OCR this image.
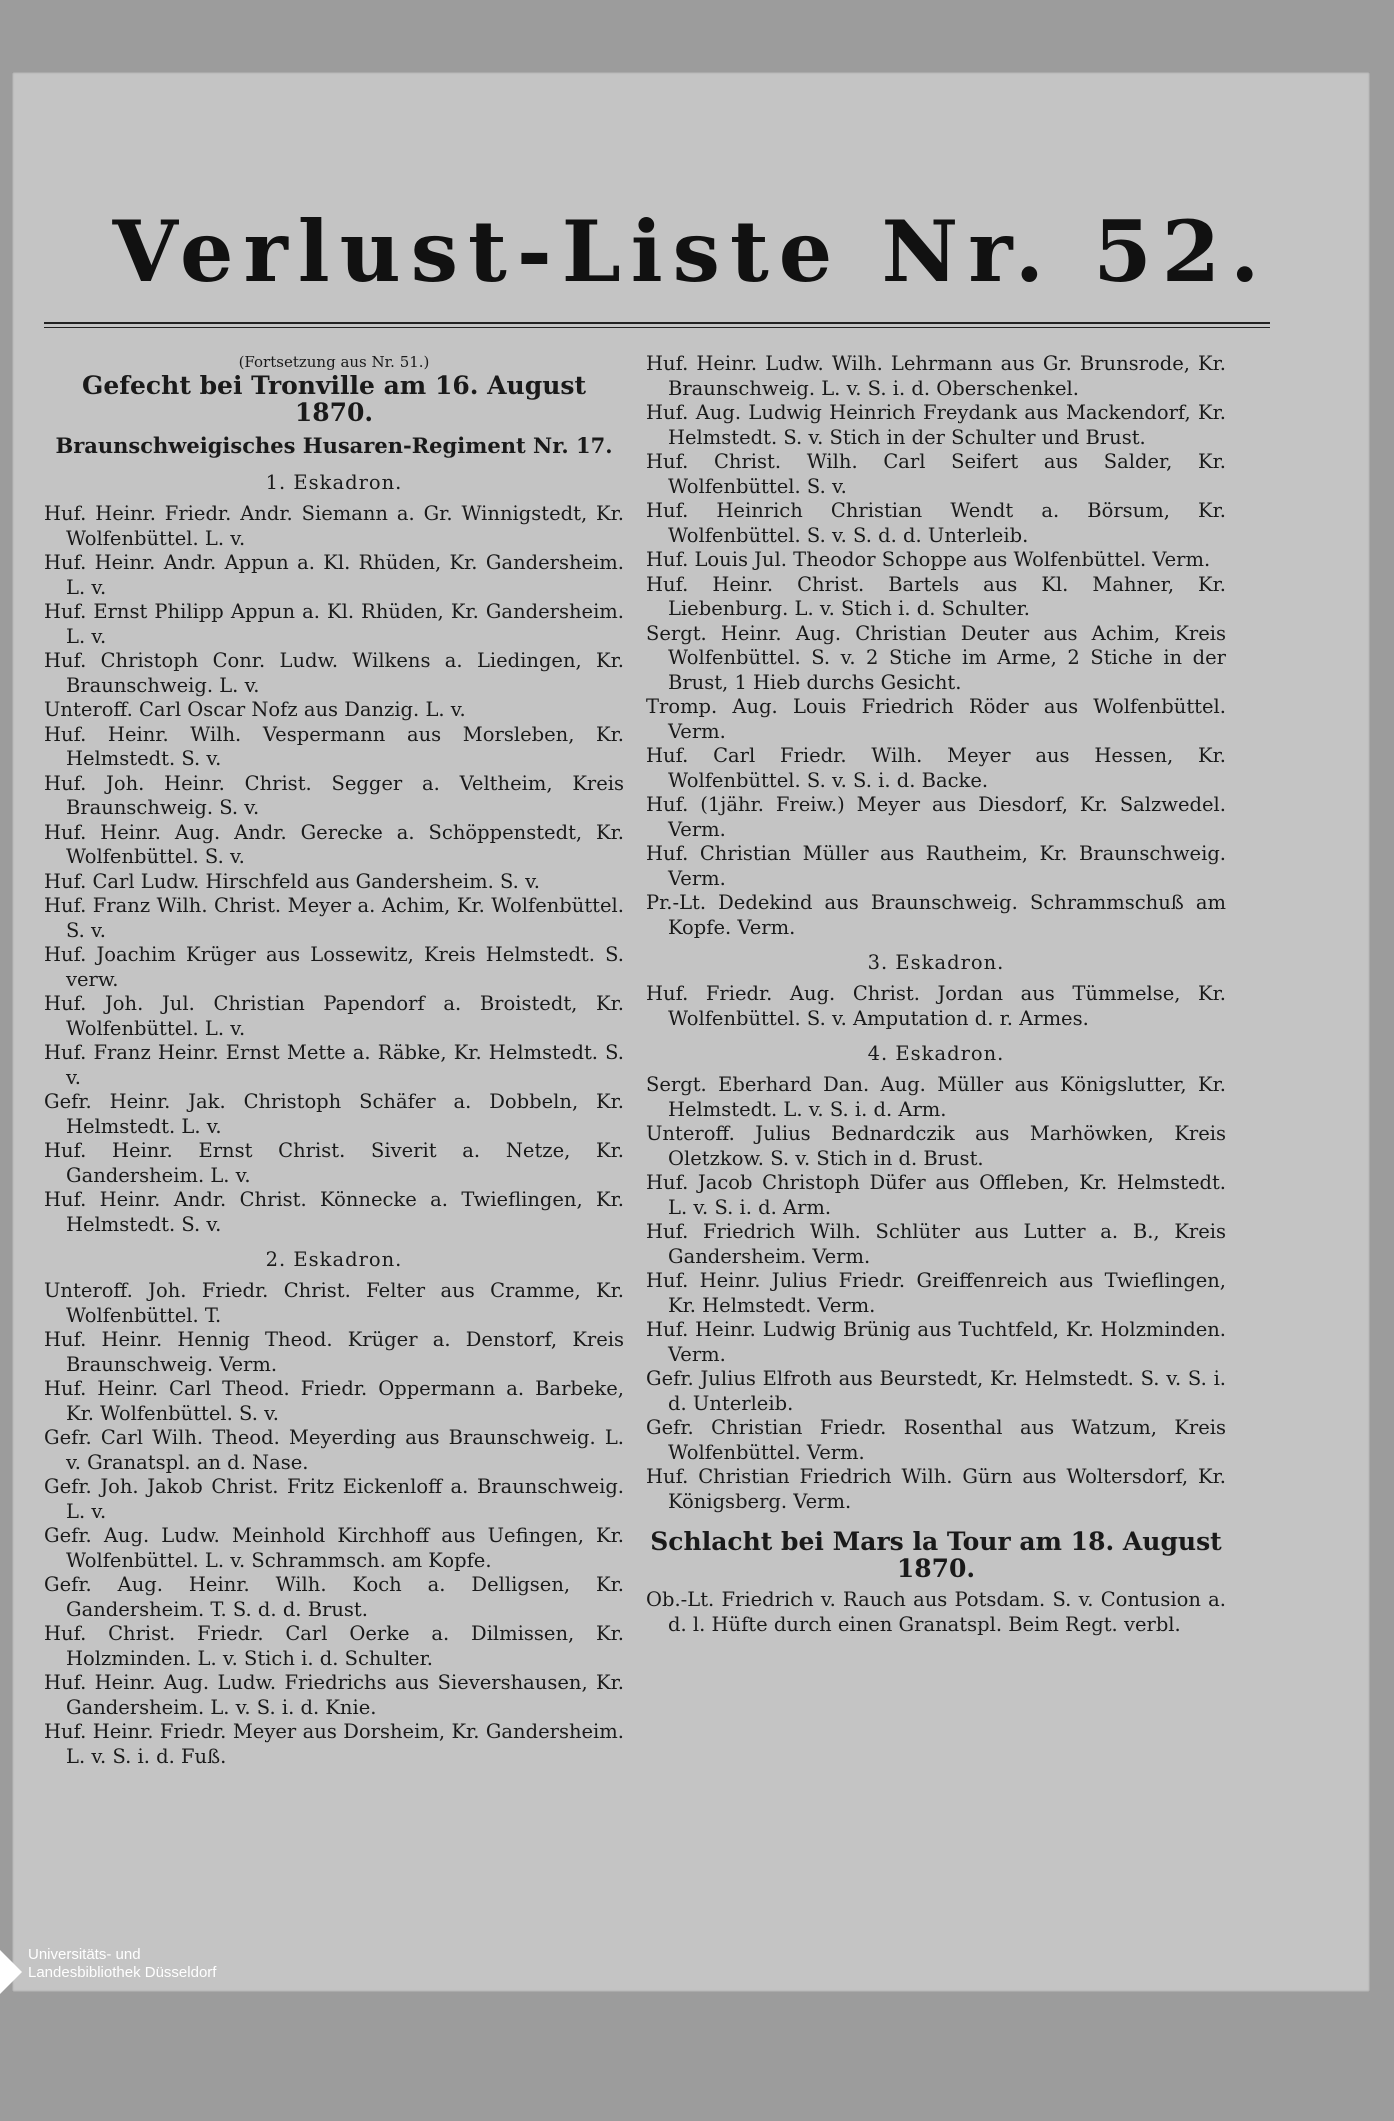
Verlust-Liste Nr. 52.
(Fortsetzung aus Nr. 51.)
Gefecht bei Tronville am 16. August 1870.
Braunschweigisches Husaren-Regiment Nr. 17.
1. Eskadron.
Huf. Heinr. Friedr. Andr. Siemann a. Gr. Winnigstedt, Kr. Wolfenbüttel. L. v.
Huf. Heinr. Andr. Appun a. Kl. Rhüden, Kr. Gandersheim. L. v.
Huf. Ernst Philipp Appun a. Kl. Rhüden, Kr. Gandersheim. L. v.
Huf. Christoph Conr. Ludw. Wilkens a. Liedingen, Kr. Braunschweig. L. v.
Unteroff. Carl Oscar Nofz aus Danzig. L. v.
Huf. Heinr. Wilh. Vespermann aus Morsleben, Kr. Helmstedt. S. v.
Huf. Joh. Heinr. Christ. Segger a. Veltheim, Kreis Braunschweig. S. v.
Huf. Heinr. Aug. Andr. Gerecke a. Schöppenstedt, Kr. Wolfenbüttel. S. v.
Huf. Carl Ludw. Hirschfeld aus Gandersheim. S. v.
Huf. Franz Wilh. Christ. Meyer a. Achim, Kr. Wolfenbüttel. S. v.
Huf. Joachim Krüger aus Lossewitz, Kreis Helmstedt. S. verw.
Huf. Joh. Jul. Christian Papendorf a. Broistedt, Kr. Wolfenbüttel. L. v.
Huf. Franz Heinr. Ernst Mette a. Räbke, Kr. Helmstedt. S. v.
Gefr. Heinr. Jak. Christoph Schäfer a. Dobbeln, Kr. Helmstedt. L. v.
Huf. Heinr. Ernst Christ. Siverit a. Netze, Kr. Gandersheim. L. v.
Huf. Heinr. Andr. Christ. Könnecke a. Twieflingen, Kr. Helmstedt. S. v.
2. Eskadron.
Unteroff. Joh. Friedr. Christ. Felter aus Cramme, Kr. Wolfenbüttel. T.
Huf. Heinr. Hennig Theod. Krüger a. Denstorf, Kreis Braunschweig. Verm.
Huf. Heinr. Carl Theod. Friedr. Oppermann a. Barbeke, Kr. Wolfenbüttel. S. v.
Gefr. Carl Wilh. Theod. Meyerding aus Braunschweig. L. v. Granatspl. an d. Nase.
Gefr. Joh. Jakob Christ. Fritz Eickenloff a. Braunschweig. L. v.
Gefr. Aug. Ludw. Meinhold Kirchhoff aus Uefingen, Kr. Wolfenbüttel. L. v. Schrammsch. am Kopfe.
Gefr. Aug. Heinr. Wilh. Koch a. Delligsen, Kr. Gandersheim. T. S. d. d. Brust.
Huf. Christ. Friedr. Carl Oerke a. Dilmissen, Kr. Holzminden. L. v. Stich i. d. Schulter.
Huf. Heinr. Aug. Ludw. Friedrichs aus Sievershausen, Kr. Gandersheim. L. v. S. i. d. Knie.
Huf. Heinr. Friedr. Meyer aus Dorsheim, Kr. Gandersheim. L. v. S. i. d. Fuß.
Huf. Heinr. Ludw. Wilh. Lehrmann aus Gr. Brunsrode, Kr. Braunschweig. L. v. S. i. d. Oberschenkel.
Huf. Aug. Ludwig Heinrich Freydank aus Mackendorf, Kr. Helmstedt. S. v. Stich in der Schulter und Brust.
Huf. Christ. Wilh. Carl Seifert aus Salder, Kr. Wolfenbüttel. S. v.
Huf. Heinrich Christian Wendt a. Börsum, Kr. Wolfenbüttel. S. v. S. d. d. Unterleib.
Huf. Louis Jul. Theodor Schoppe aus Wolfenbüttel. Verm.
Huf. Heinr. Christ. Bartels aus Kl. Mahner, Kr. Liebenburg. L. v. Stich i. d. Schulter.
Sergt. Heinr. Aug. Christian Deuter aus Achim, Kreis Wolfenbüttel. S. v. 2 Stiche im Arme, 2 Stiche in der Brust, 1 Hieb durchs Gesicht.
Tromp. Aug. Louis Friedrich Röder aus Wolfenbüttel. Verm.
Huf. Carl Friedr. Wilh. Meyer aus Hessen, Kr. Wolfenbüttel. S. v. S. i. d. Backe.
Huf. (1jähr. Freiw.) Meyer aus Diesdorf, Kr. Salzwedel. Verm.
Huf. Christian Müller aus Rautheim, Kr. Braunschweig. Verm.
Pr.-Lt. Dedekind aus Braunschweig. Schrammschuß am Kopfe. Verm.
3. Eskadron.
Huf. Friedr. Aug. Christ. Jordan aus Tümmelse, Kr. Wolfenbüttel. S. v. Amputation d. r. Armes.
4. Eskadron.
Sergt. Eberhard Dan. Aug. Müller aus Königslutter, Kr. Helmstedt. L. v. S. i. d. Arm.
Unteroff. Julius Bednardczik aus Marhöwken, Kreis Oletzkow. S. v. Stich in d. Brust.
Huf. Jacob Christoph Düfer aus Offleben, Kr. Helmstedt. L. v. S. i. d. Arm.
Huf. Friedrich Wilh. Schlüter aus Lutter a. B., Kreis Gandersheim. Verm.
Huf. Heinr. Julius Friedr. Greiffenreich aus Twieflingen, Kr. Helmstedt. Verm.
Huf. Heinr. Ludwig Brünig aus Tuchtfeld, Kr. Holzminden. Verm.
Gefr. Julius Elfroth aus Beurstedt, Kr. Helmstedt. S. v. S. i. d. Unterleib.
Gefr. Christian Friedr. Rosenthal aus Watzum, Kreis Wolfenbüttel. Verm.
Huf. Christian Friedrich Wilh. Gürn aus Woltersdorf, Kr. Königsberg. Verm.
Schlacht bei Mars la Tour am 18. August 1870.
Ob.-Lt. Friedrich v. Rauch aus Potsdam. S. v. Contusion a. d. l. Hüfte durch einen Granatspl. Beim Regt. verbl.
Universitäts- und
Landesbibliothek Düsseldorf
